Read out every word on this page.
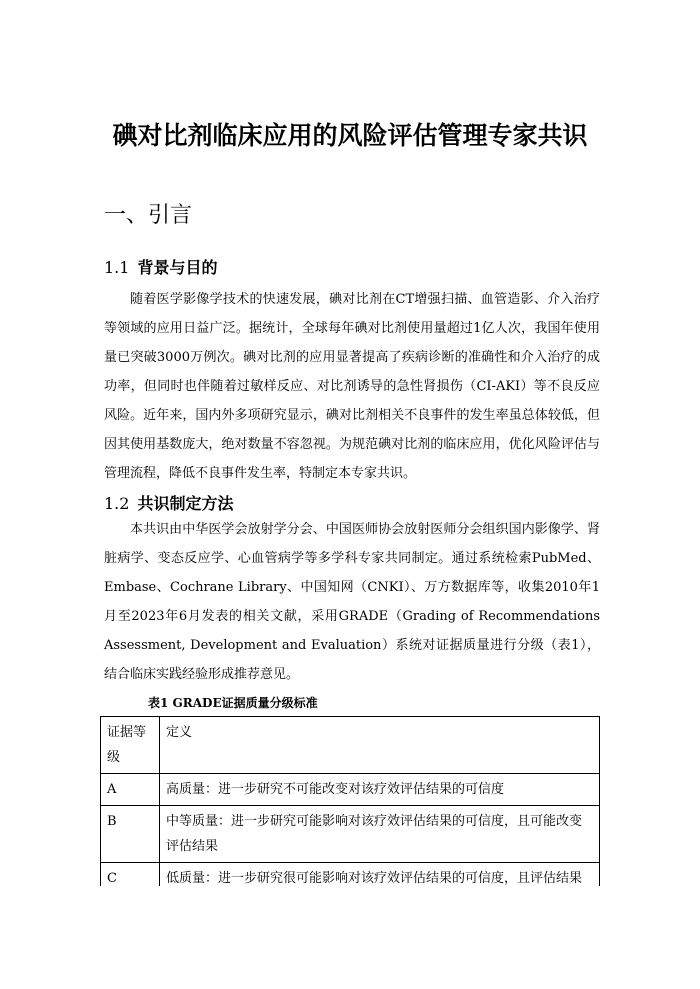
碘对比剂临床应用的风险评估管理专家共识
一、引言
1.1 背景与目的

随着医学影像学技术的快速发展，碘对比剂在CT增强扫描、血管造影、介入治疗等领域的应用日益广泛。据统计，全球每年碘对比剂使用量超过1亿人次，我国年使用量已突破3000万例次。碘对比剂的应用显著提高了疾病诊断的准确性和介入治疗的成功率，但同时也伴随着过敏样反应、对比剂诱导的急性肾损伤（CI-AKI）等不良反应风险。近年来，国内外多项研究显示，碘对比剂相关不良事件的发生率虽总体较低，但因其使用基数庞大，绝对数量不容忽视。为规范碘对比剂的临床应用，优化风险评估与管理流程，降低不良事件发生率，特制定本专家共识。

1.2 共识制定方法

本共识由中华医学会放射学分会、中国医师协会放射医师分会组织国内影像学、肾脏病学、变态反应学、心血管病学等多学科专家共同制定。通过系统检索PubMed、Embase、Cochrane Library、中国知网（CNKI）、万方数据库等，收集2010年1月至2023年6月发表的相关文献，采用GRADE（Grading of Recommendations Assessment, Development and Evaluation）系统对证据质量进行分级（表1），结合临床实践经验形成推荐意见。

表1 GRADE证据质量分级标准
证据等级	定义
A	高质量：进一步研究不可能改变对该疗效评估结果的可信度
B	中等质量：进一步研究可能影响对该疗效评估结果的可信度，且可能改变评估结果
C	低质量：进一步研究很可能影响对该疗效评估结果的可信度，且评估结果
